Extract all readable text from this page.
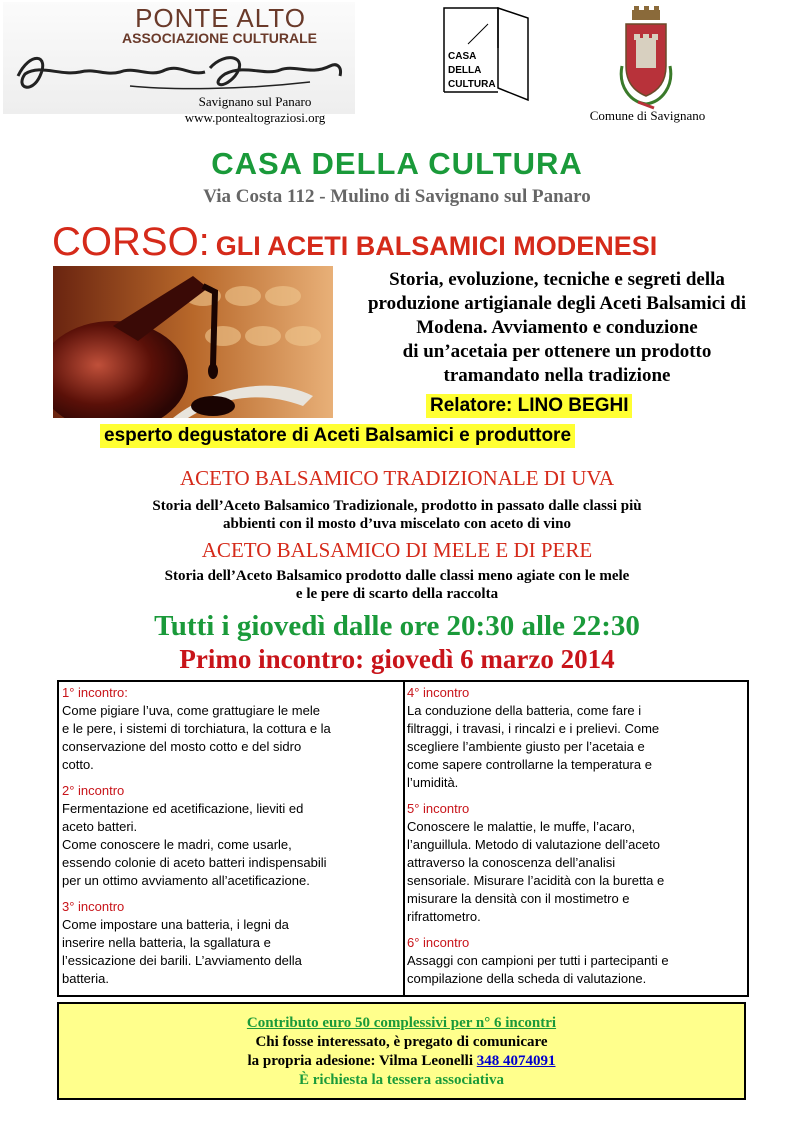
PONTE ALTO
ASSOCIAZIONE CULTURALE
Savignano sul Panaro
www.pontealtograziosi.org
CASA
DELLA
CULTURA
Comune di Savignano
CASA DELLA CULTURA
Via Costa 112 - Mulino di Savignano sul Panaro
CORSO: GLI ACETI BALSAMICI MODENESI
Storia, evoluzione, tecniche e segreti della
produzione artigianale degli Aceti Balsamici di
Modena. Avviamento e conduzione
di un’acetaia per ottenere un prodotto
tramandato nella tradizione
Relatore: LINO BEGHI
esperto degustatore di Aceti Balsamici e produttore
ACETO BALSAMICO TRADIZIONALE DI UVA
Storia dell’Aceto Balsamico Tradizionale, prodotto in passato dalle classi più
abbienti con il mosto d’uva miscelato con aceto di vino
ACETO BALSAMICO DI MELE E DI PERE
Storia dell’Aceto Balsamico prodotto dalle classi meno agiate con le mele
e le pere di scarto della raccolta
Tutti i giovedì dalle ore 20:30 alle 22:30
Primo incontro: giovedì 6 marzo 2014
1° incontro:
Come pigiare l’uva, come grattugiare le mele
e le pere, i sistemi di torchiatura, la cottura e la
conservazione del mosto cotto e del sidro
cotto.
2° incontro
Fermentazione ed acetificazione, lieviti ed
aceto batteri.
Come conoscere le madri, come usarle,
essendo colonie di aceto batteri indispensabili
per un ottimo avviamento all’acetificazione.
3° incontro
Come impostare una batteria, i legni da
inserire nella batteria, la sgallatura e
l’essicazione dei barili. L’avviamento della
batteria.
4° incontro
La conduzione della batteria, come fare i
filtraggi, i travasi, i rincalzi e i prelievi. Come
scegliere l’ambiente giusto per l’acetaia e
come sapere controllarne la temperatura e
l’umidità.
5° incontro
Conoscere le malattie, le muffe, l’acaro,
l’anguillula. Metodo di valutazione dell’aceto
attraverso la conoscenza dell’analisi
sensoriale. Misurare l’acidità con la buretta e
misurare la densità con il mostimetro e
rifrattometro.
6° incontro
Assaggi con campioni per tutti i partecipanti e
compilazione della scheda di valutazione.
Contributo euro 50 complessivi per n° 6 incontri
Chi fosse interessato, è pregato di comunicare
la propria adesione: Vilma Leonelli 348 4074091
È richiesta la tessera associativa
